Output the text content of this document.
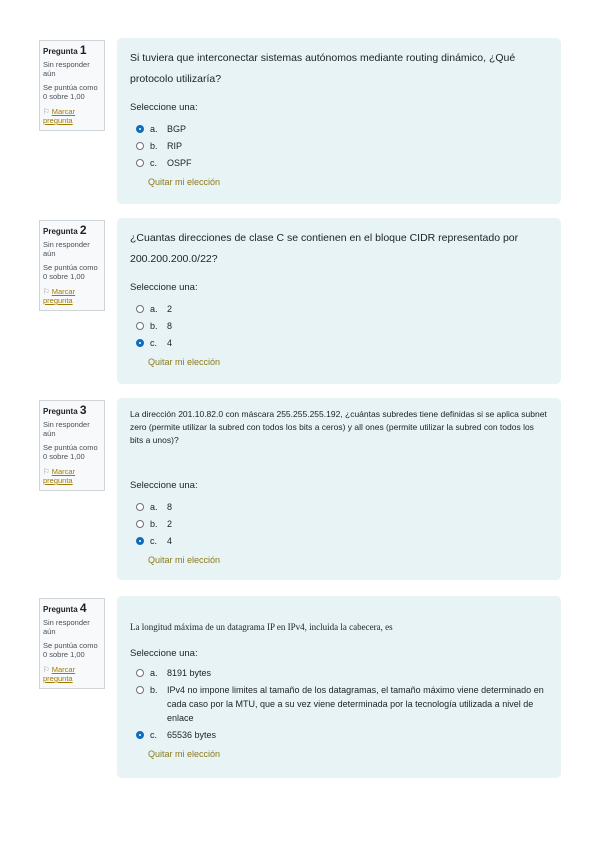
Pregunta 1
Sin responder aún
Se puntúa como 0 sobre 1,00
⚐ Marcar pregunta
Si tuviera que interconectar sistemas autónomos mediante routing dinámico, ¿Qué protocolo utilizaría?
Seleccione una:
a.	BGP
b.	RIP
c.	OSPF
Quitar mi elección
Pregunta 2
Sin responder aún
Se puntúa como 0 sobre 1,00
⚐ Marcar pregunta
¿Cuantas direcciones de clase C se contienen en el bloque CIDR representado por 200.200.200.0/22?
Seleccione una:
a.	2
b.	8
c.	4
Quitar mi elección
Pregunta 3
Sin responder aún
Se puntúa como 0 sobre 1,00
⚐ Marcar pregunta
La dirección 201.10.82.0 con máscara 255.255.255.192, ¿cuántas subredes tiene definidas si se aplica subnet zero (permite utilizar la subred con todos los bits a ceros) y all ones (permite utilizar la subred con todos los bits a unos)?
Seleccione una:
a.	8
b.	2
c.	4
Quitar mi elección
Pregunta 4
Sin responder aún
Se puntúa como 0 sobre 1,00
⚐ Marcar pregunta
La longitud máxima de un datagrama IP en IPv4, incluida la cabecera, es
Seleccione una:
a.	8191 bytes
b.	IPv4 no impone limites al tamaño de los datagramas, el tamaño máximo viene determinado en cada caso por la MTU, que a su vez viene determinada por la tecnología utilizada a nivel de enlace
c.	65536 bytes
Quitar mi elección
